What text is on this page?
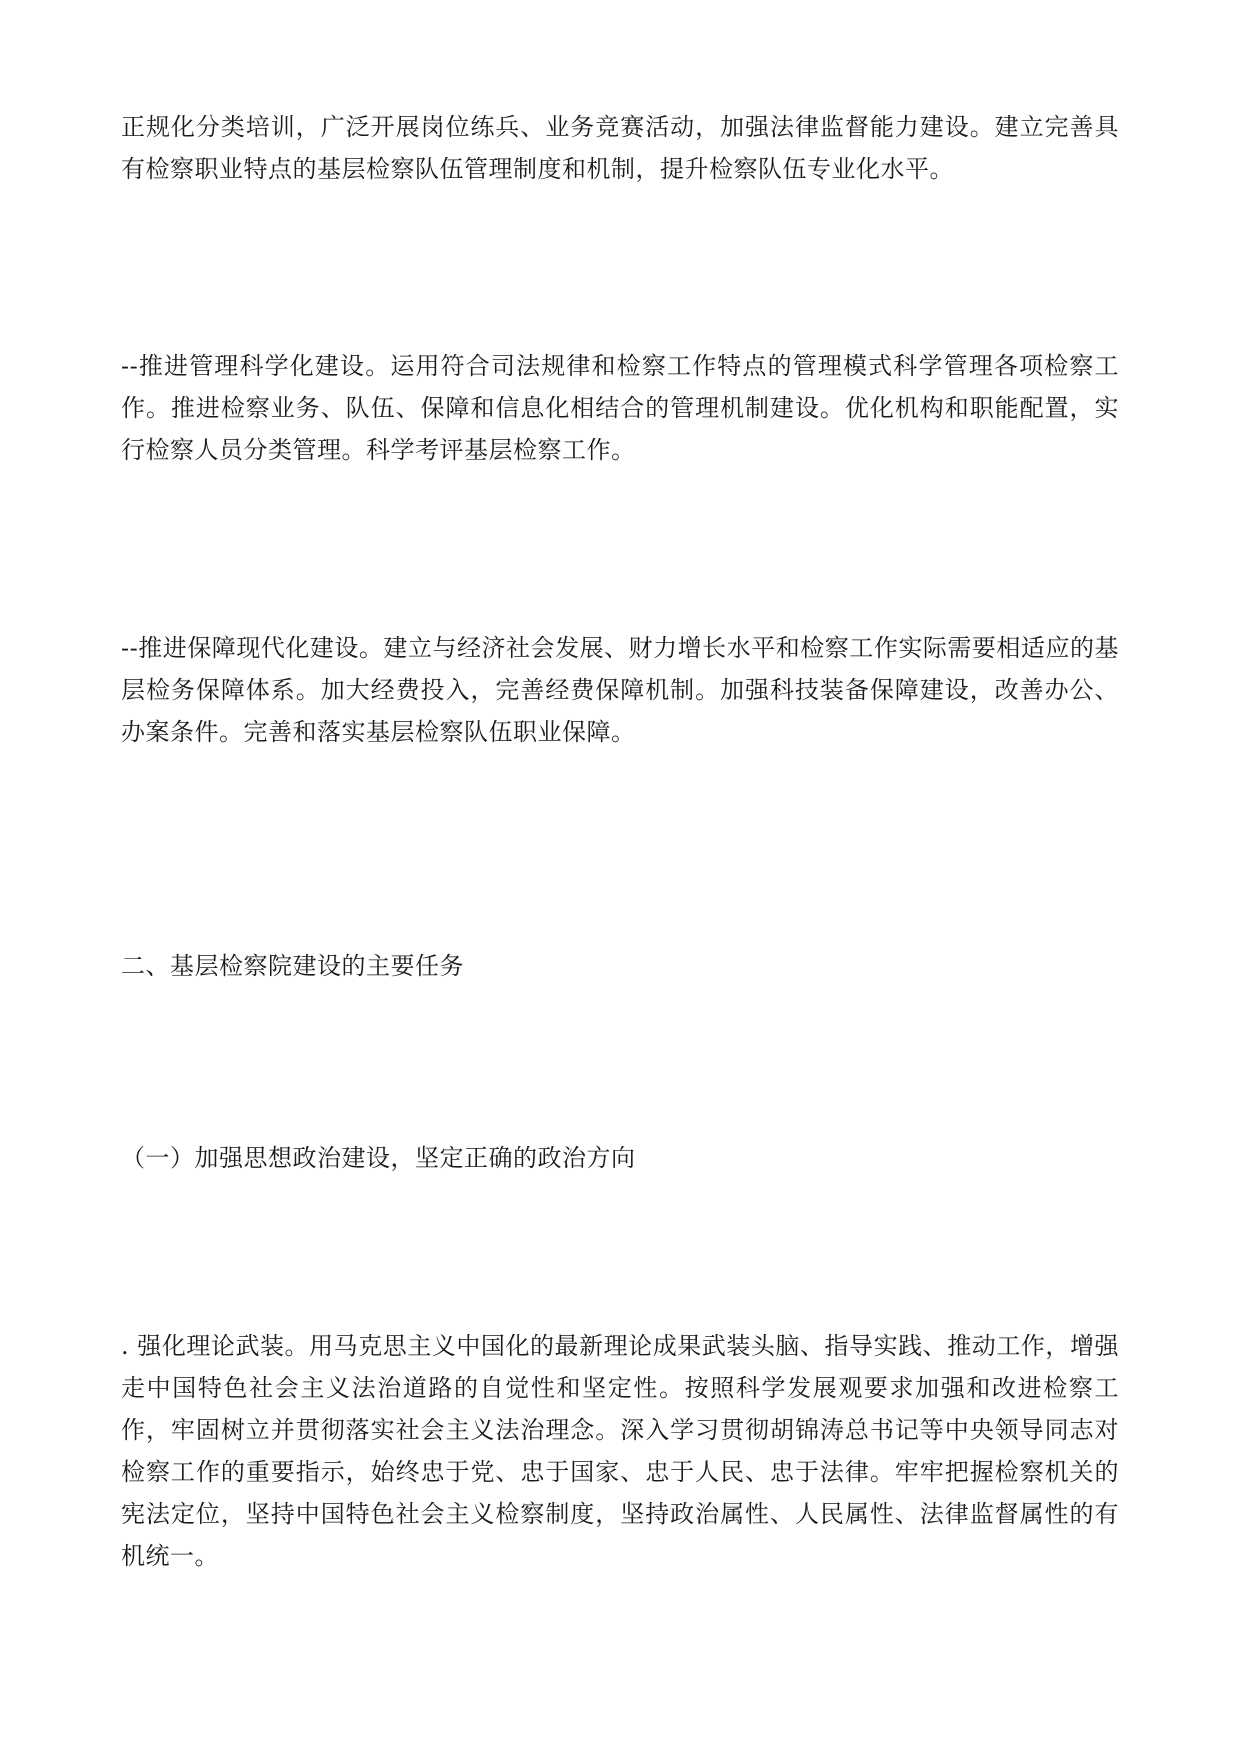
正规化分类培训，广泛开展岗位练兵、业务竞赛活动，加强法律监督能力建设。建立完善具有检察职业特点的基层检察队伍管理制度和机制，提升检察队伍专业化水平。

--推进管理科学化建设。运用符合司法规律和检察工作特点的管理模式科学管理各项检察工作。推进检察业务、队伍、保障和信息化相结合的管理机制建设。优化机构和职能配置，实行检察人员分类管理。科学考评基层检察工作。

--推进保障现代化建设。建立与经济社会发展、财力增长水平和检察工作实际需要相适应的基层检务保障体系。加大经费投入，完善经费保障机制。加强科技装备保障建设，改善办公、办案条件。完善和落实基层检察队伍职业保障。

二、基层检察院建设的主要任务

（一）加强思想政治建设，坚定正确的政治方向

. 强化理论武装。用马克思主义中国化的最新理论成果武装头脑、指导实践、推动工作，增强走中国特色社会主义法治道路的自觉性和坚定性。按照科学发展观要求加强和改进检察工作，牢固树立并贯彻落实社会主义法治理念。深入学习贯彻胡锦涛总书记等中央领导同志对检察工作的重要指示，始终忠于党、忠于国家、忠于人民、忠于法律。牢牢把握检察机关的宪法定位，坚持中国特色社会主义检察制度，坚持政治属性、人民属性、法律监督属性的有机统一。
